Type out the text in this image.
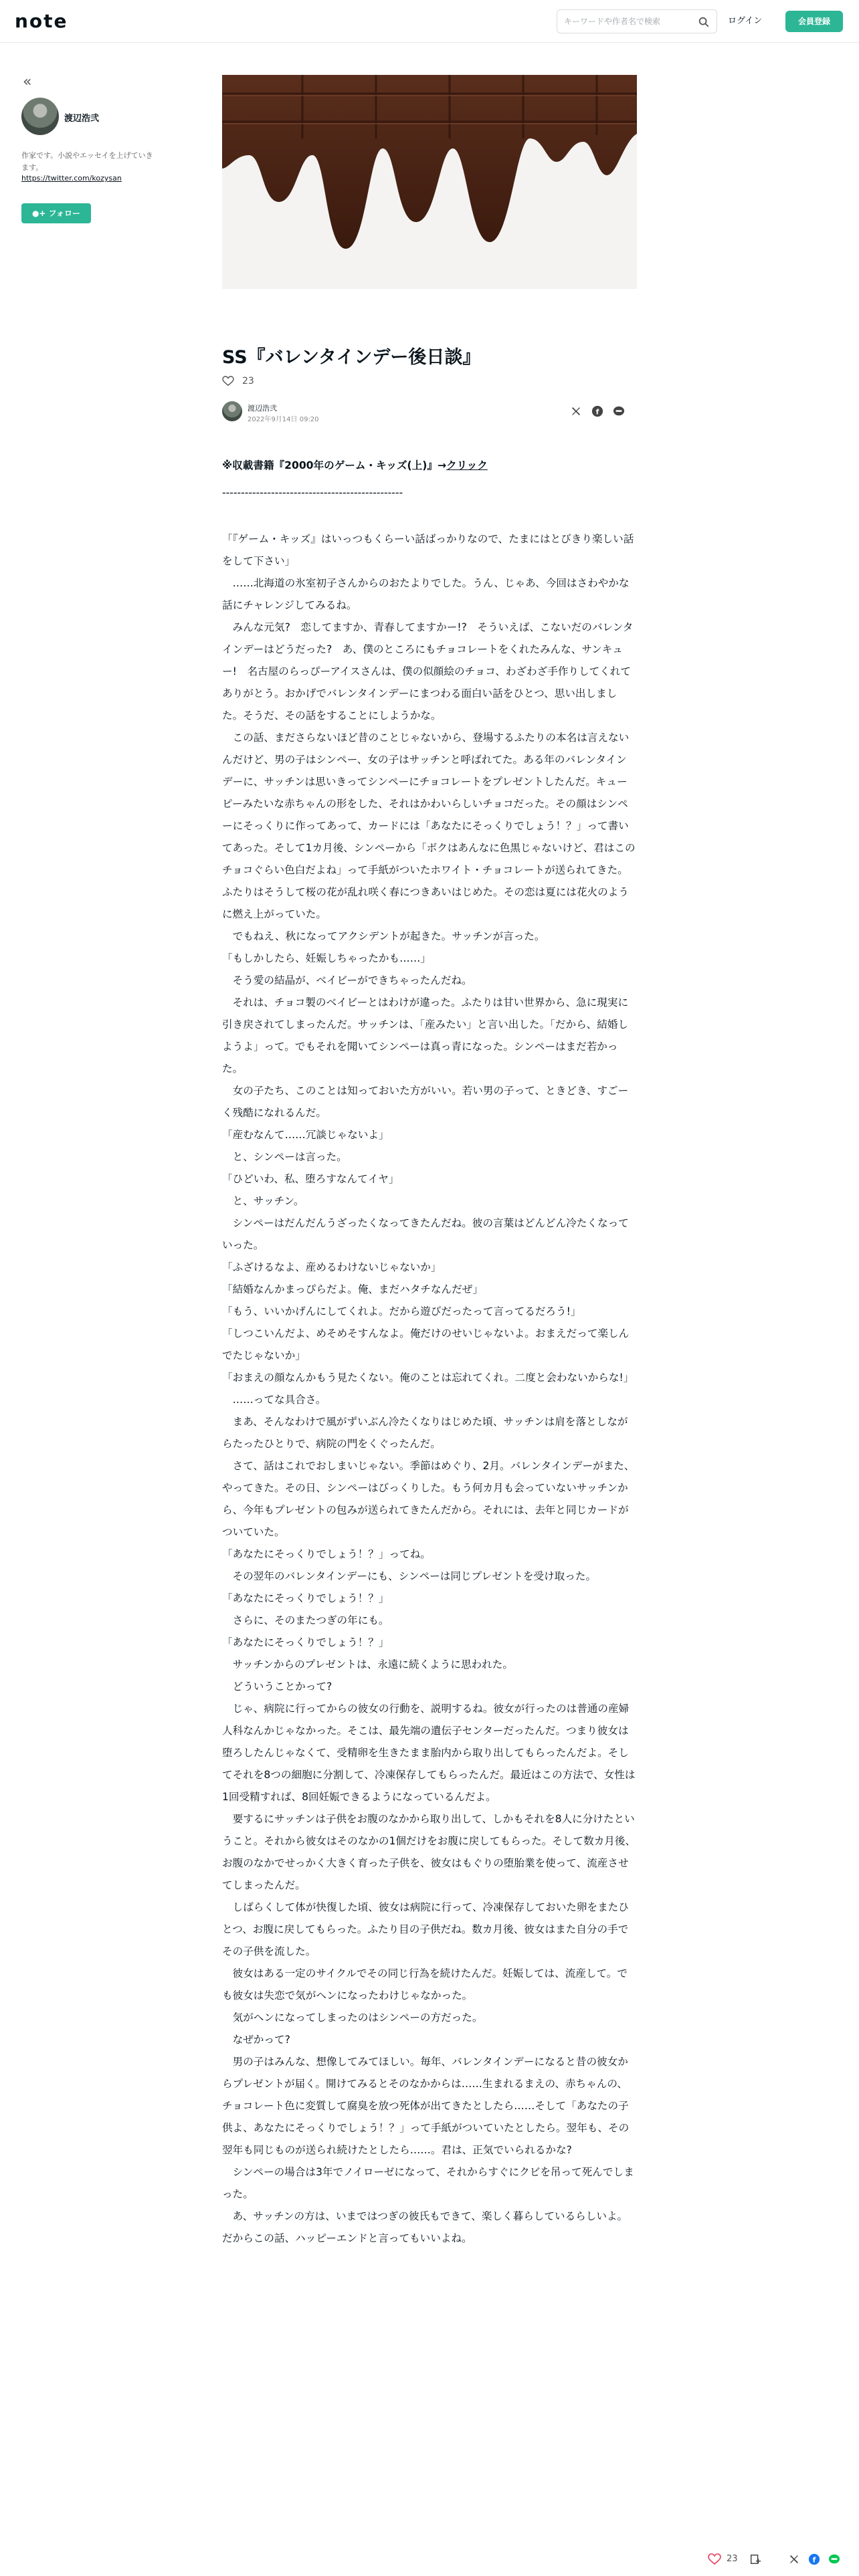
note
キーワードや作者名で検索	ログイン	会員登録
«
渡辺浩弐
作家です。小説やエッセイを上げていきます。
https://twitter.com/kozysan
●+ フォロー
SS『バレンタインデー後日談』
23
渡辺浩弐
2022年9月14日 09:20
f

※収載書籍『2000年のゲーム・キッズ(上)』→クリック

------------------------------------------------

「『ゲーム・キッズ』はいっつもくらーい話ばっかりなので、たまにはとびきり楽しい話をして下さい」

　……北海道の氷室初子さんからのおたよりでした。うん、じゃあ、今回はさわやかな話にチャレンジしてみるね。

　みんな元気?　恋してますか、青春してますかー!?　そういえば、こないだのバレンタインデーはどうだった?　あ、僕のところにもチョコレートをくれたみんな、サンキュー!　名古屋のらっぴーアイスさんは、僕の似顔絵のチョコ、わざわざ手作りしてくれてありがとう。おかげでバレンタインデーにまつわる面白い話をひとつ、思い出しました。そうだ、その話をすることにしようかな。

　この話、まださらないほど昔のことじゃないから、登場するふたりの本名は言えないんだけど、男の子はシンペー、女の子はサッチンと呼ばれてた。ある年のバレンタインデーに、サッチンは思いきってシンペーにチョコレートをプレゼントしたんだ。キューピーみたいな赤ちゃんの形をした、それはかわいらしいチョコだった。その顔はシンペーにそっくりに作ってあって、カードには「あなたにそっくりでしょう！？」って書いてあった。そして1カ月後、シンペーから「ボクはあんなに色黒じゃないけど、君はこのチョコぐらい色白だよね」って手紙がついたホワイト・チョコレートが送られてきた。ふたりはそうして桜の花が乱れ咲く春につきあいはじめた。その恋は夏には花火のように燃え上がっていた。

　でもねえ、秋になってアクシデントが起きた。サッチンが言った。

「もしかしたら、妊娠しちゃったかも……」

　そう愛の結晶が、ベイビーができちゃったんだね。

　それは、チョコ製のベイビーとはわけが違った。ふたりは甘い世界から、急に現実に引き戻されてしまったんだ。サッチンは、「産みたい」と言い出した。「だから、結婚しようよ」って。でもそれを聞いてシンペーは真っ青になった。シンペーはまだ若かった。

　女の子たち、このことは知っておいた方がいい。若い男の子って、ときどき、すごーく残酷になれるんだ。

「産むなんて……冗談じゃないよ」

　と、シンペーは言った。

「ひどいわ、私、堕ろすなんてイヤ」

　と、サッチン。

　シンペーはだんだんうざったくなってきたんだね。彼の言葉はどんどん冷たくなっていった。

「ふざけるなよ、産めるわけないじゃないか」

「結婚なんかまっぴらだよ。俺、まだハタチなんだぜ」

「もう、いいかげんにしてくれよ。だから遊びだったって言ってるだろう!」

「しつこいんだよ、めそめそすんなよ。俺だけのせいじゃないよ。おまえだって楽しんでたじゃないか」

「おまえの顔なんかもう見たくない。俺のことは忘れてくれ。二度と会わないからな!」

　……ってな具合さ。

　まあ、そんなわけで風がずいぶん冷たくなりはじめた頃、サッチンは肩を落としながらたったひとりで、病院の門をくぐったんだ。

　さて、話はこれでおしまいじゃない。季節はめぐり、2月。バレンタインデーがまた、やってきた。その日、シンペーはびっくりした。もう何カ月も会っていないサッチンから、今年もプレゼントの包みが送られてきたんだから。それには、去年と同じカードがついていた。

「あなたにそっくりでしょう！？」ってね。

　その翌年のバレンタインデーにも、シンペーは同じプレゼントを受け取った。

「あなたにそっくりでしょう！？」

　さらに、そのまたつぎの年にも。

「あなたにそっくりでしょう！？」

　サッチンからのプレゼントは、永遠に続くように思われた。

　どういうことかって?

　じゃ、病院に行ってからの彼女の行動を、説明するね。彼女が行ったのは普通の産婦人科なんかじゃなかった。そこは、最先端の遺伝子センターだったんだ。つまり彼女は堕ろしたんじゃなくて、受精卵を生きたまま胎内から取り出してもらったんだよ。そしてそれを8つの細胞に分割して、冷凍保存してもらったんだ。最近はこの方法で、女性は1回受精すれば、8回妊娠できるようになっているんだよ。

　要するにサッチンは子供をお腹のなかから取り出して、しかもそれを8人に分けたということ。それから彼女はそのなかの1個だけをお腹に戻してもらった。そして数カ月後、お腹のなかでせっかく大きく育った子供を、彼女はもぐりの堕胎業を使って、流産させてしまったんだ。

　しばらくして体が快復した頃、彼女は病院に行って、冷凍保存しておいた卵をまたひとつ、お腹に戻してもらった。ふたり目の子供だね。数カ月後、彼女はまた自分の手でその子供を流した。

　彼女はある一定のサイクルでその同じ行為を続けたんだ。妊娠しては、流産して。でも彼女は失恋で気がヘンになったわけじゃなかった。

　気がヘンになってしまったのはシンペーの方だった。

　なぜかって?

　男の子はみんな、想像してみてほしい。毎年、バレンタインデーになると昔の彼女からプレゼントが届く。開けてみるとそのなかからは……生まれるまえの、赤ちゃんの、チョコレート色に変質して腐臭を放つ死体が出てきたとしたら……そして「あなたの子供よ、あなたにそっくりでしょう！？」って手紙がついていたとしたら。翌年も、その翌年も同じものが送られ続けたとしたら……。君は、正気でいられるかな?

　シンペーの場合は3年でノイローゼになって、それからすぐにクビを吊って死んでしまった。

　あ、サッチンの方は、いまではつぎの彼氏もできて、楽しく暮らしているらしいよ。だからこの話、ハッピーエンドと言ってもいいよね。

23	f
